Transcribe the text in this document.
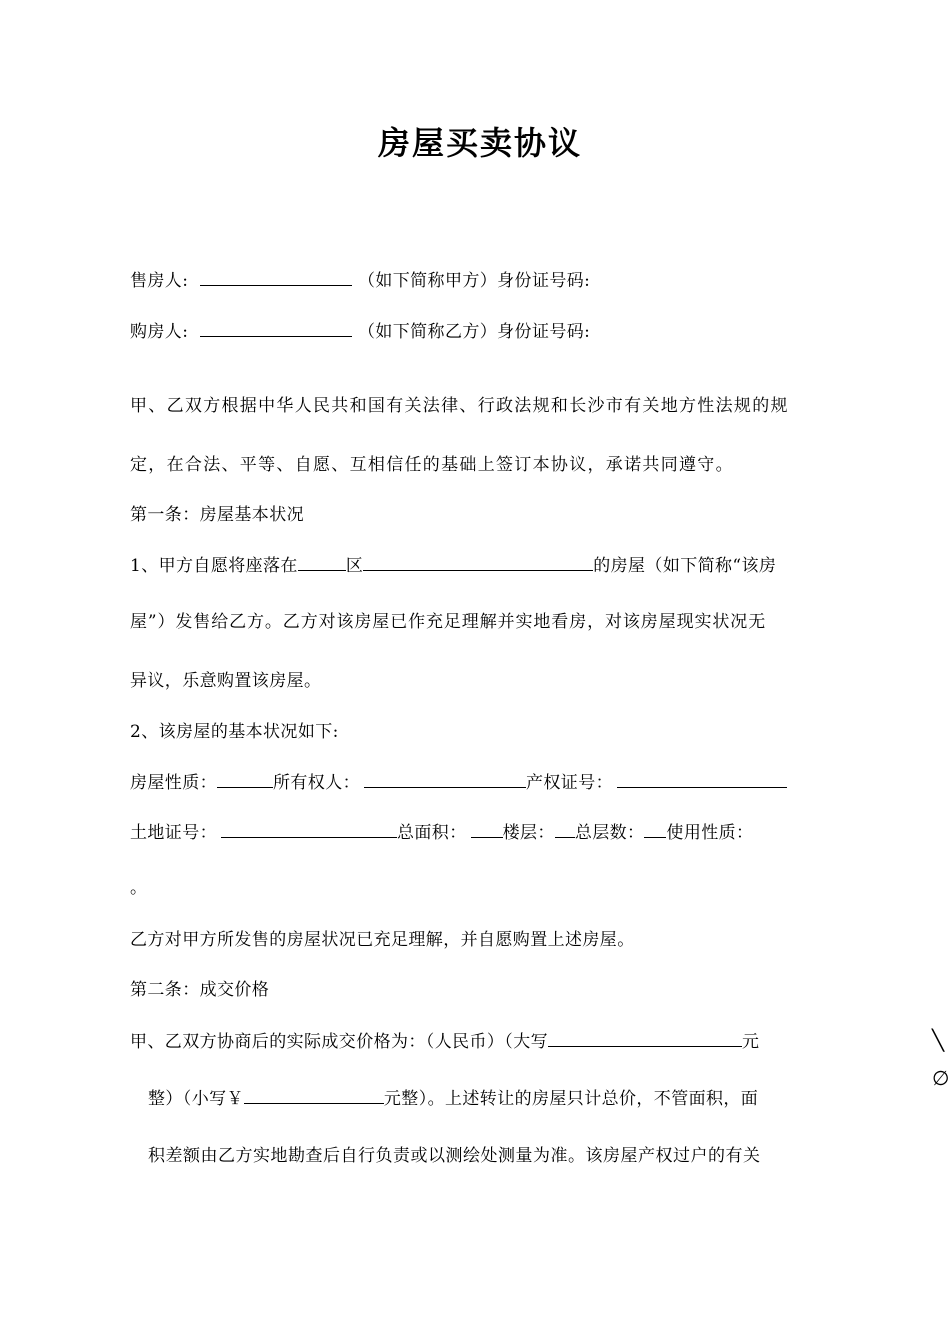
房屋买卖协议
售房人:	（如下简称甲方）身份证号码:
购房人:	（如下简称乙方）身份证号码:
甲、乙双方根据中华人民共和国有关法律、行政法规和长沙市有关地方性法规的规
定，在合法、平等、自愿、互相信任的基础上签订本协议，承诺共同遵守。
第一条：房屋基本状况
1、甲方自愿将座落在	区	的房屋（如下简称“该房
屋”）发售给乙方。乙方对该房屋已作充足理解并实地看房，对该房屋现实状况无
异议，乐意购置该房屋。
2、该房屋的基本状况如下:
房屋性质：	所有权人：	产权证号：
土地证号：	总面积： 楼层： 总层数： 使用性质：
。
乙方对甲方所发售的房屋状况已充足理解，并自愿购置上述房屋。
第二条：成交价格
甲、乙双方协商后的实际成交价格为：（人民币）（大写	元
整）（小写￥	元整）。上述转让的房屋只计总价，不管面积，面
积差额由乙方实地勘查后自行负责或以测绘处测量为准。该房屋产权过户的有关
╲
∅
